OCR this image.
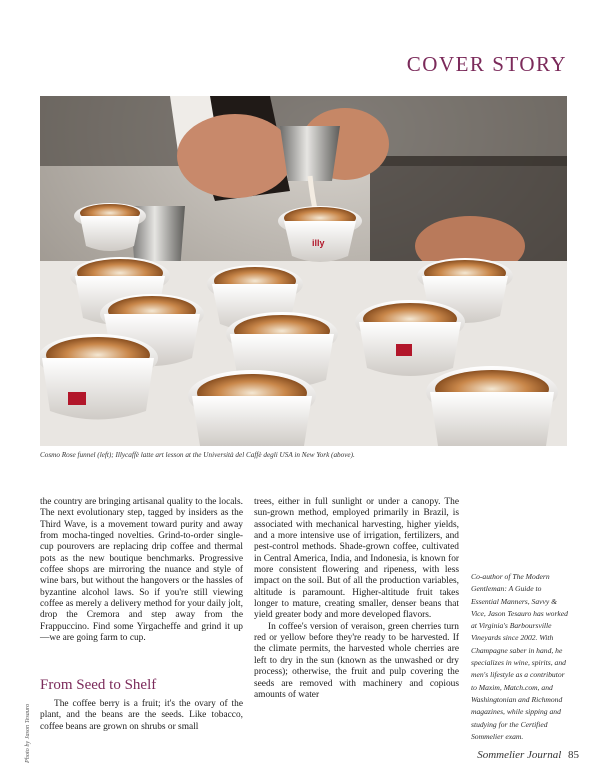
COVER STORY
illy
Cosmo Rose funnel (left); Illycaffè latte art lesson at the Università del Caffè degli USA in New York (above).

the country are bringing artisanal quality to the locals. The next evolutionary step, tagged by insiders as the Third Wave, is a movement toward purity and away from mocha-tinged novelties. Grind-to-order single-cup pourovers are replacing drip coffee and thermal pots as the new boutique benchmarks. Progressive coffee shops are mirroring the nuance and style of wine bars, but without the hangovers or the hassles of byzantine alcohol laws. So if you're still viewing coffee as merely a delivery method for your daily jolt, drop the Cremora and step away from the Frappuccino. Find some Yirgacheffe and grind it up—we are going farm to cup.

From Seed to Shelf
The coffee berry is a fruit; it's the ovary of the plant, and the beans are the seeds. Like tobacco, coffee beans are grown on shrubs or small

trees, either in full sunlight or under a canopy. The sun-grown method, employed primarily in Brazil, is associated with mechanical harvesting, higher yields, and a more intensive use of irrigation, fertilizers, and pest-control methods. Shade-grown coffee, cultivated in Central America, India, and Indonesia, is known for more consistent flowering and ripeness, with less impact on the soil. But of all the production variables, altitude is paramount. Higher-altitude fruit takes longer to mature, creating smaller, denser beans that yield greater body and more developed flavors.

In coffee's version of veraison, green cherries turn red or yellow before they're ready to be harvested. If the climate permits, the harvested whole cherries are left to dry in the sun (known as the unwashed or dry process); otherwise, the fruit and pulp covering the seeds are removed with machinery and copious amounts of water

Co-author of The Modern Gentleman: A Guide to Essential Manners, Savvy & Vice, Jason Tesauro has worked at Virginia's Barboursville Vineyards since 2002. With Champagne saber in hand, he specializes in wine, spirits, and men's lifestyle as a contributor to Maxim, Match.com, and Washingtonian and Richmond magazines, while sipping and studying for the Certified Sommelier exam.
Photo by Jason Tesauro	Sommelier Journal 85
